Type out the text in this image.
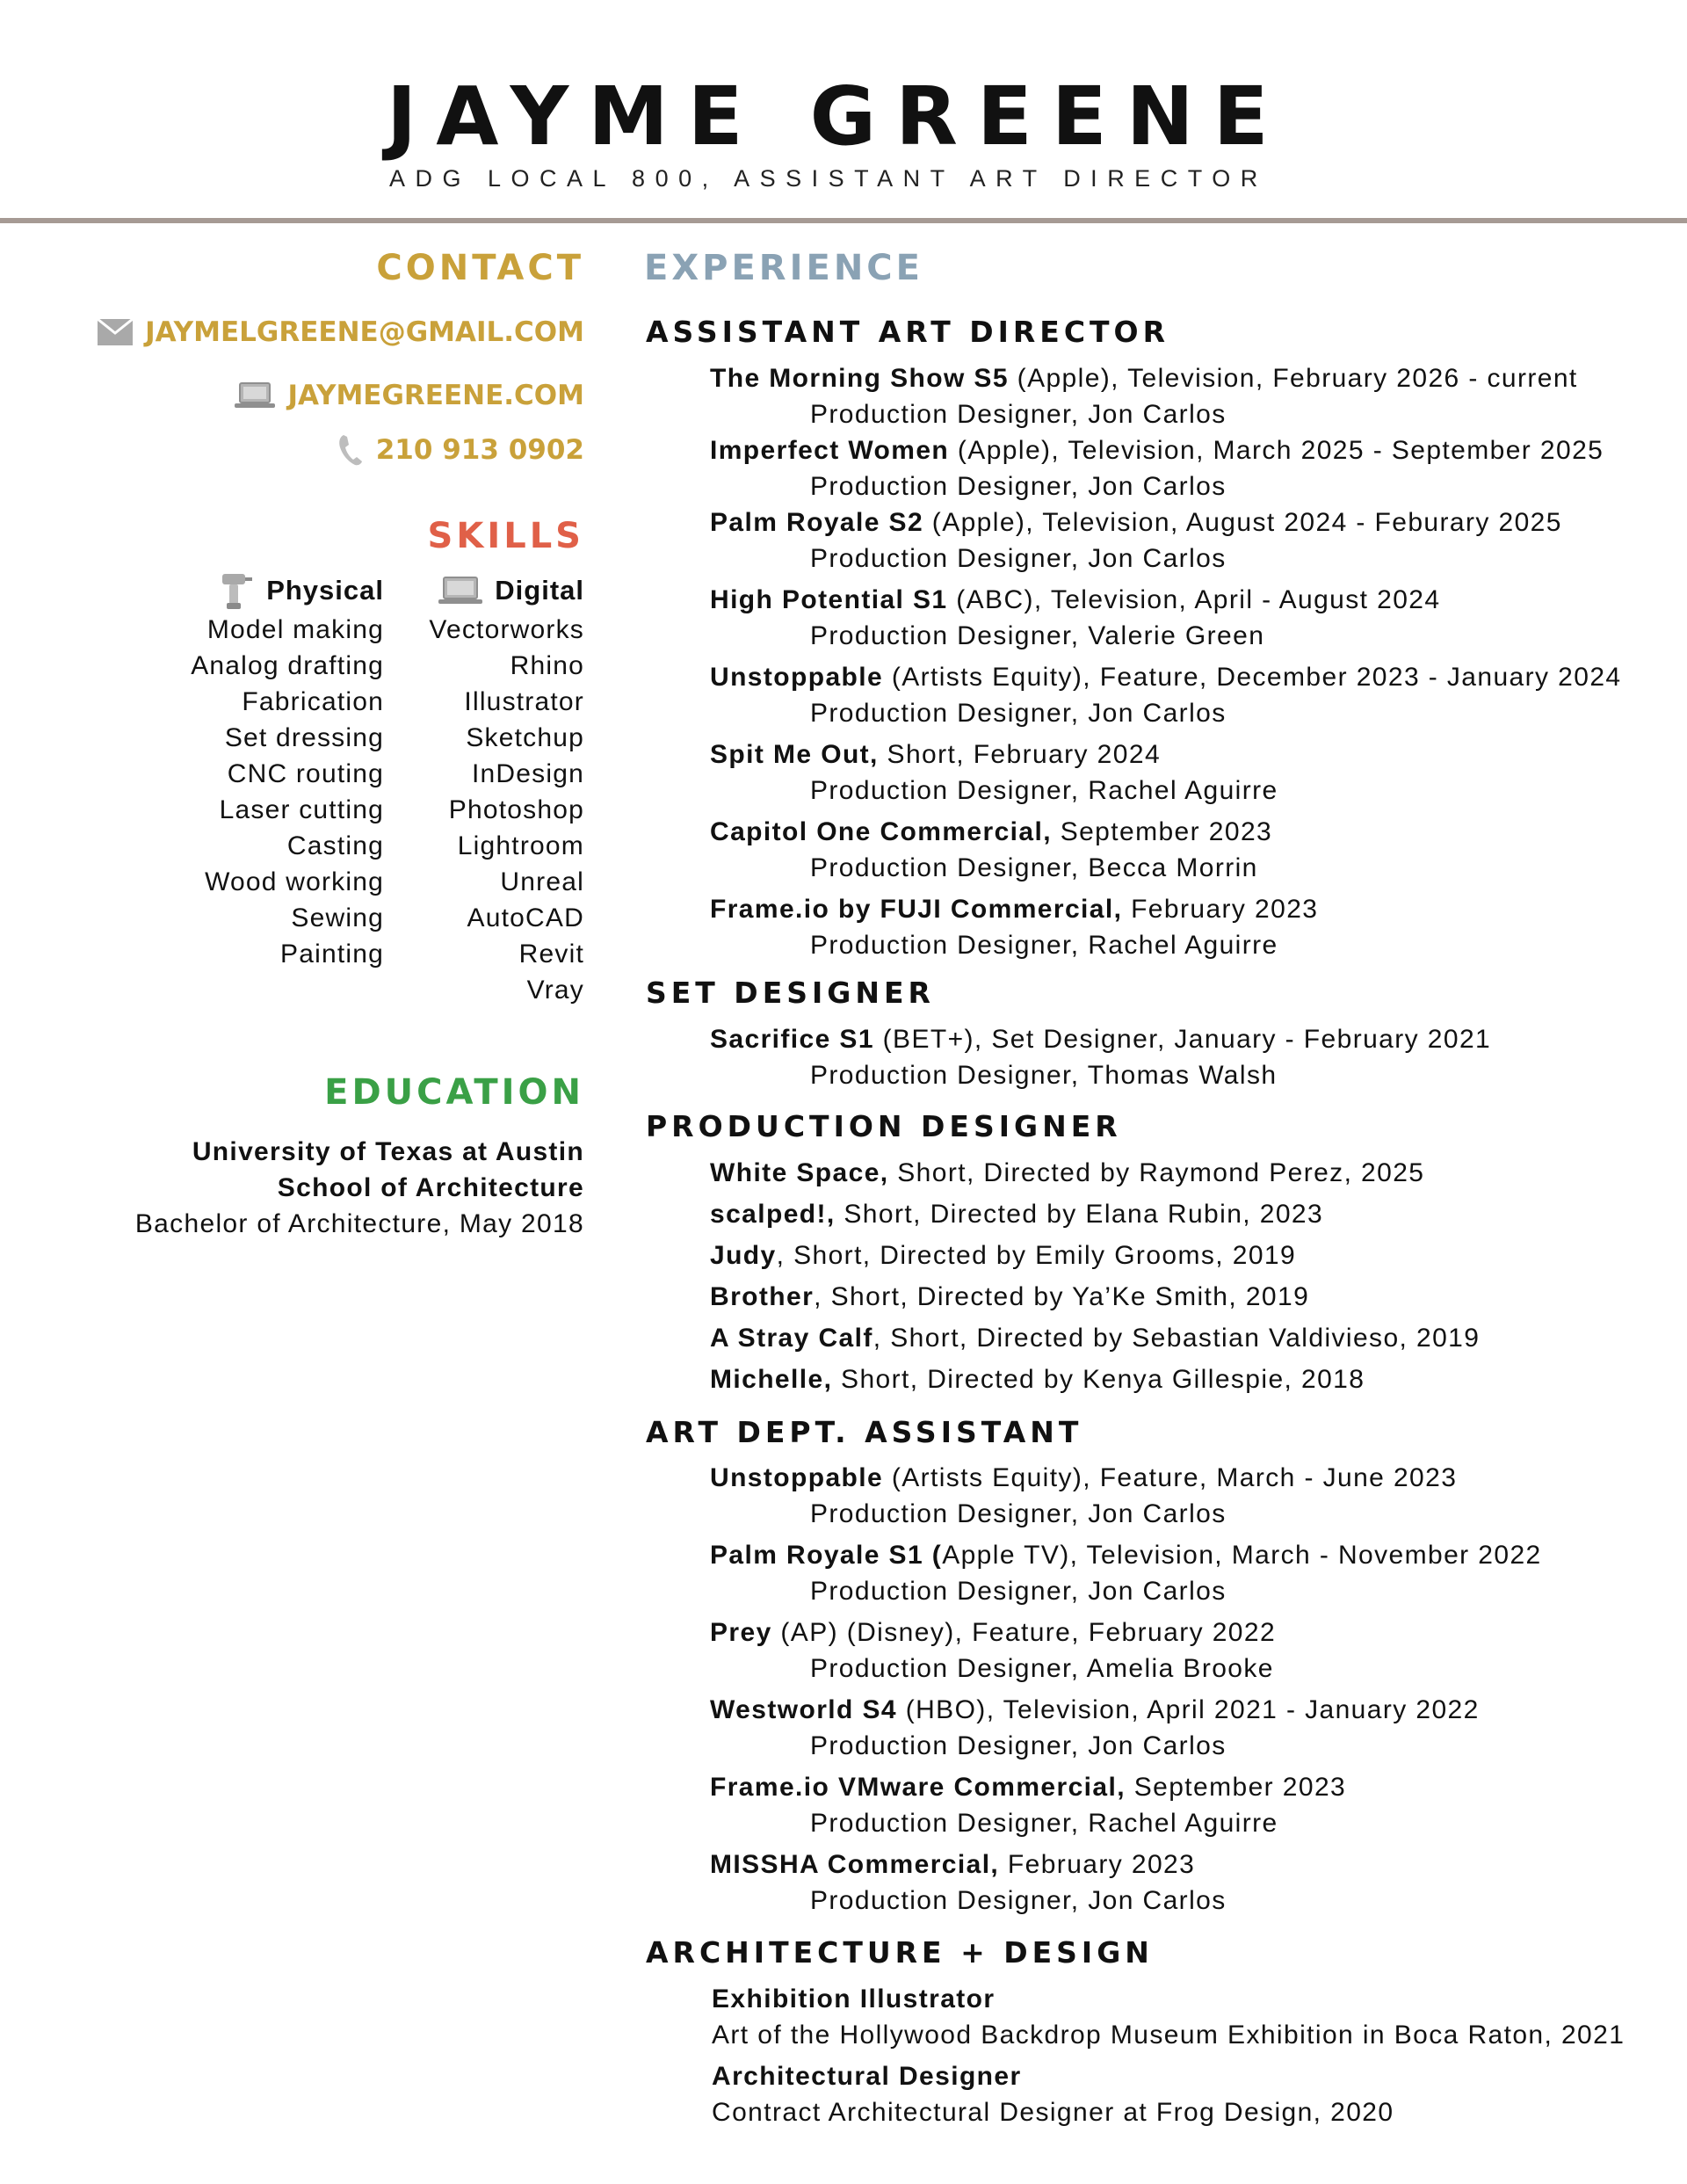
JAYME GREENE
ADG LOCAL 800, ASSISTANT ART DIRECTOR
CONTACT
JAYMELGREENE@GMAIL.COM
JAYMEGREENE.COM
210 913 0902
SKILLS
Physical
Model making
Analog drafting
Fabrication
Set dressing
CNC routing
Laser cutting
Casting
Wood working
Sewing
Painting
Digital
Vectorworks
Rhino
Illustrator
Sketchup
InDesign
Photoshop
Lightroom
Unreal
AutoCAD
Revit
Vray
EDUCATION
University of Texas at Austin
School of Architecture
Bachelor of Architecture, May 2018
EXPERIENCE
ASSISTANT ART DIRECTOR
The Morning Show S5 (Apple), Television, February 2026 - current
Production Designer, Jon Carlos
Imperfect Women (Apple), Television, March 2025 - September 2025
Production Designer, Jon Carlos
Palm Royale S2 (Apple), Television, August 2024 - Feburary 2025
Production Designer, Jon Carlos
High Potential S1 (ABC), Television, April - August 2024
Production Designer, Valerie Green
Unstoppable (Artists Equity), Feature, December 2023 - January 2024
Production Designer, Jon Carlos
Spit Me Out, Short, February 2024
Production Designer, Rachel Aguirre
Capitol One Commercial, September 2023
Production Designer, Becca Morrin
Frame.io by FUJI Commercial, February 2023
Production Designer, Rachel Aguirre
SET DESIGNER
Sacrifice S1 (BET+), Set Designer, January - February 2021
Production Designer, Thomas Walsh
PRODUCTION DESIGNER
White Space, Short, Directed by Raymond Perez, 2025
scalped!, Short, Directed by Elana Rubin, 2023
Judy, Short, Directed by Emily Grooms, 2019
Brother, Short, Directed by Ya’Ke Smith, 2019
A Stray Calf, Short, Directed by Sebastian Valdivieso, 2019
Michelle, Short, Directed by Kenya Gillespie, 2018
ART DEPT. ASSISTANT
Unstoppable (Artists Equity), Feature, March - June 2023
Production Designer, Jon Carlos
Palm Royale S1 (Apple TV), Television, March - November 2022
Production Designer, Jon Carlos
Prey (AP) (Disney), Feature, February 2022
Production Designer, Amelia Brooke
Westworld S4 (HBO), Television, April 2021 - January 2022
Production Designer, Jon Carlos
Frame.io VMware Commercial, September 2023
Production Designer, Rachel Aguirre
MISSHA Commercial, February 2023
Production Designer, Jon Carlos
ARCHITECTURE + DESIGN
Exhibition Illustrator
Art of the Hollywood Backdrop Museum Exhibition in Boca Raton, 2021
Architectural Designer
Contract Architectural Designer at Frog Design, 2020
